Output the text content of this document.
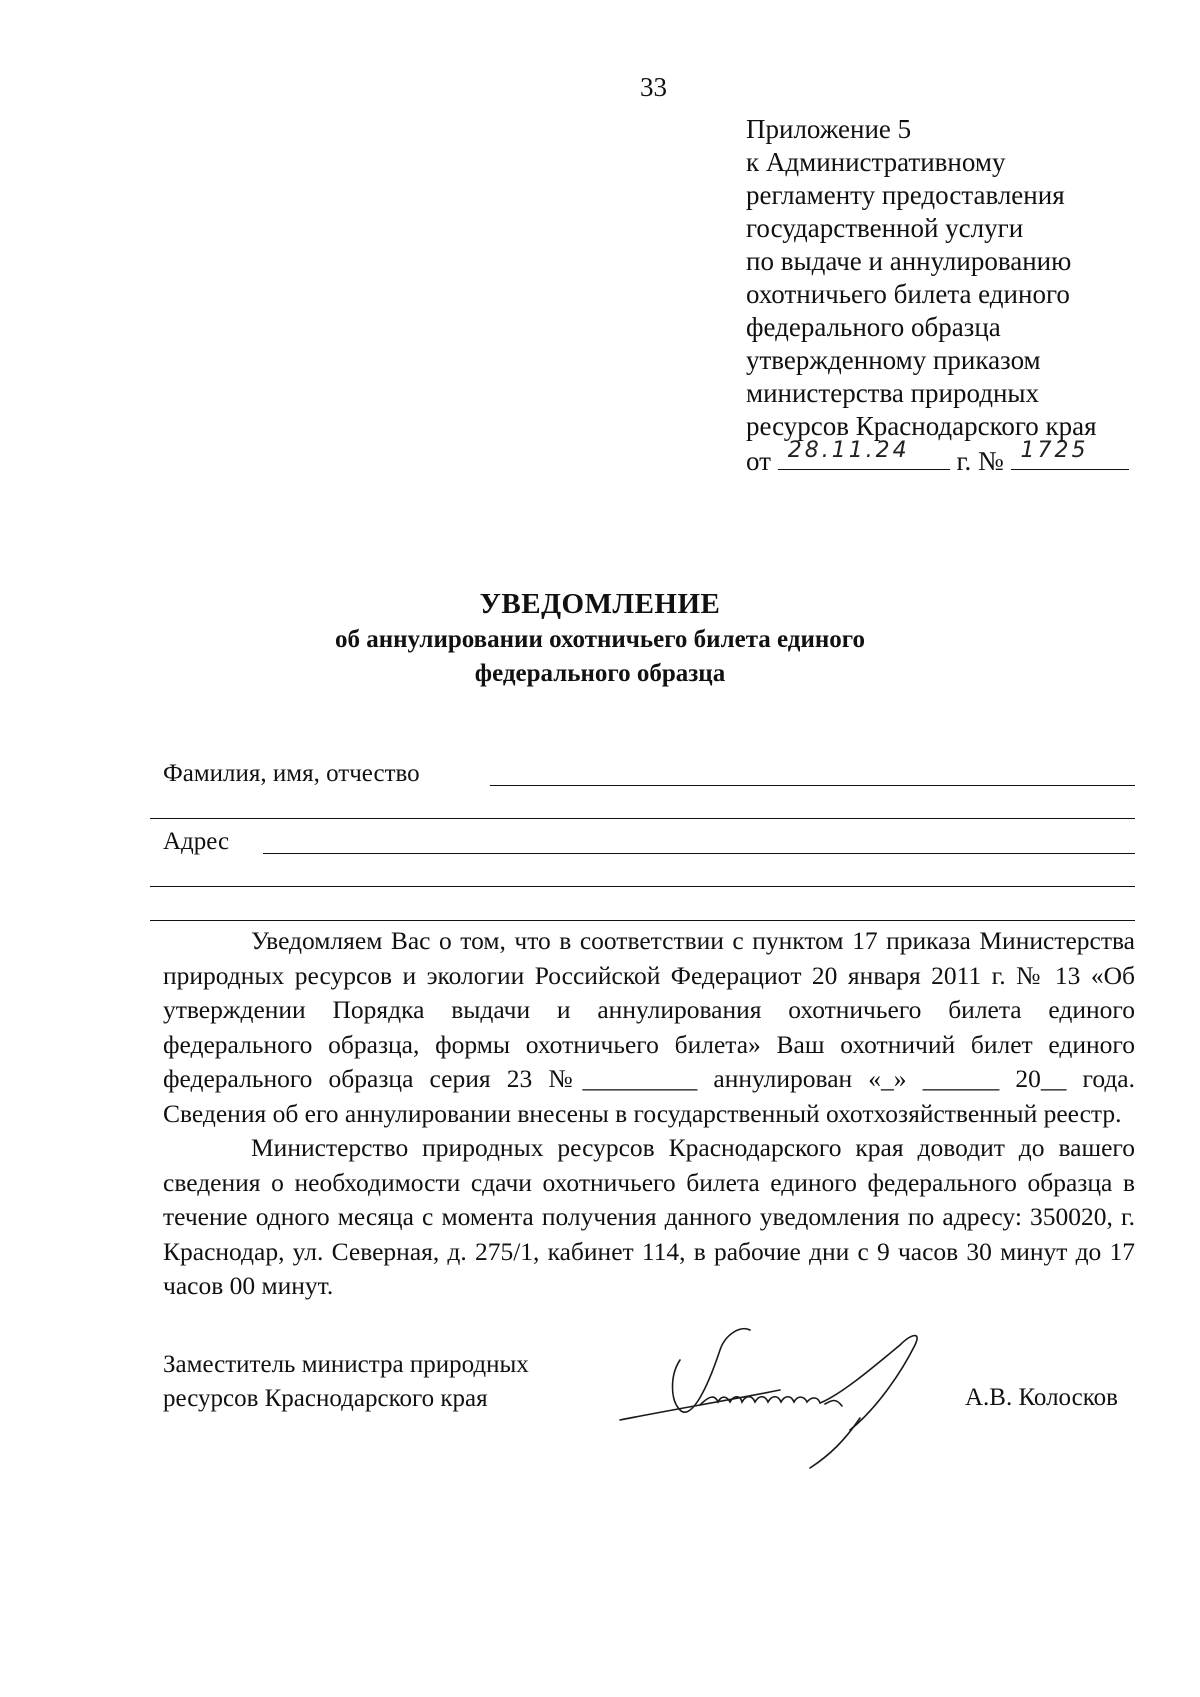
33
Приложение 5
к Административному
регламенту предоставления
государственной услуги
по выдаче и аннулированию
охотничьего билета единого
федерального образца
утвержденному приказом
министерства природных
ресурсов Краснодарского края
от 28.11.24 г. № 1725
УВЕДОМЛЕНИЕ
об аннулировании охотничьего билета единого
федерального образца
Фамилия, имя, отчество
Адрес

Уведомляем Вас о том, что в соответствии с пунктом 17 приказа Министерства природных ресурсов и экологии Российской Федерациoт 20 января 2011 г. № 13 «Об утверждении Порядка выдачи и аннулирования охотничьего билета единого федерального образца, формы охотничьего билета» Ваш охотничий билет единого федерального образца серия 23 №_________ аннулирован «_» ______ 20__ года. Сведения об его аннулировании внесены в государственный охотхозяйственный реестр.

Министерство природных ресурсов Краснодарского края доводит до вашего сведения о необходимости сдачи охотничьего билета единого федерального образца в течение одного месяца с момента получения данного уведомления по адресу: 350020, г. Краснодар, ул. Северная, д. 275/1, кабинет 114, в рабочие дни с 9 часов 30 минут до 17 часов 00 минут.

Заместитель министра природных
ресурсов Краснодарского края	А.В. Колосков
